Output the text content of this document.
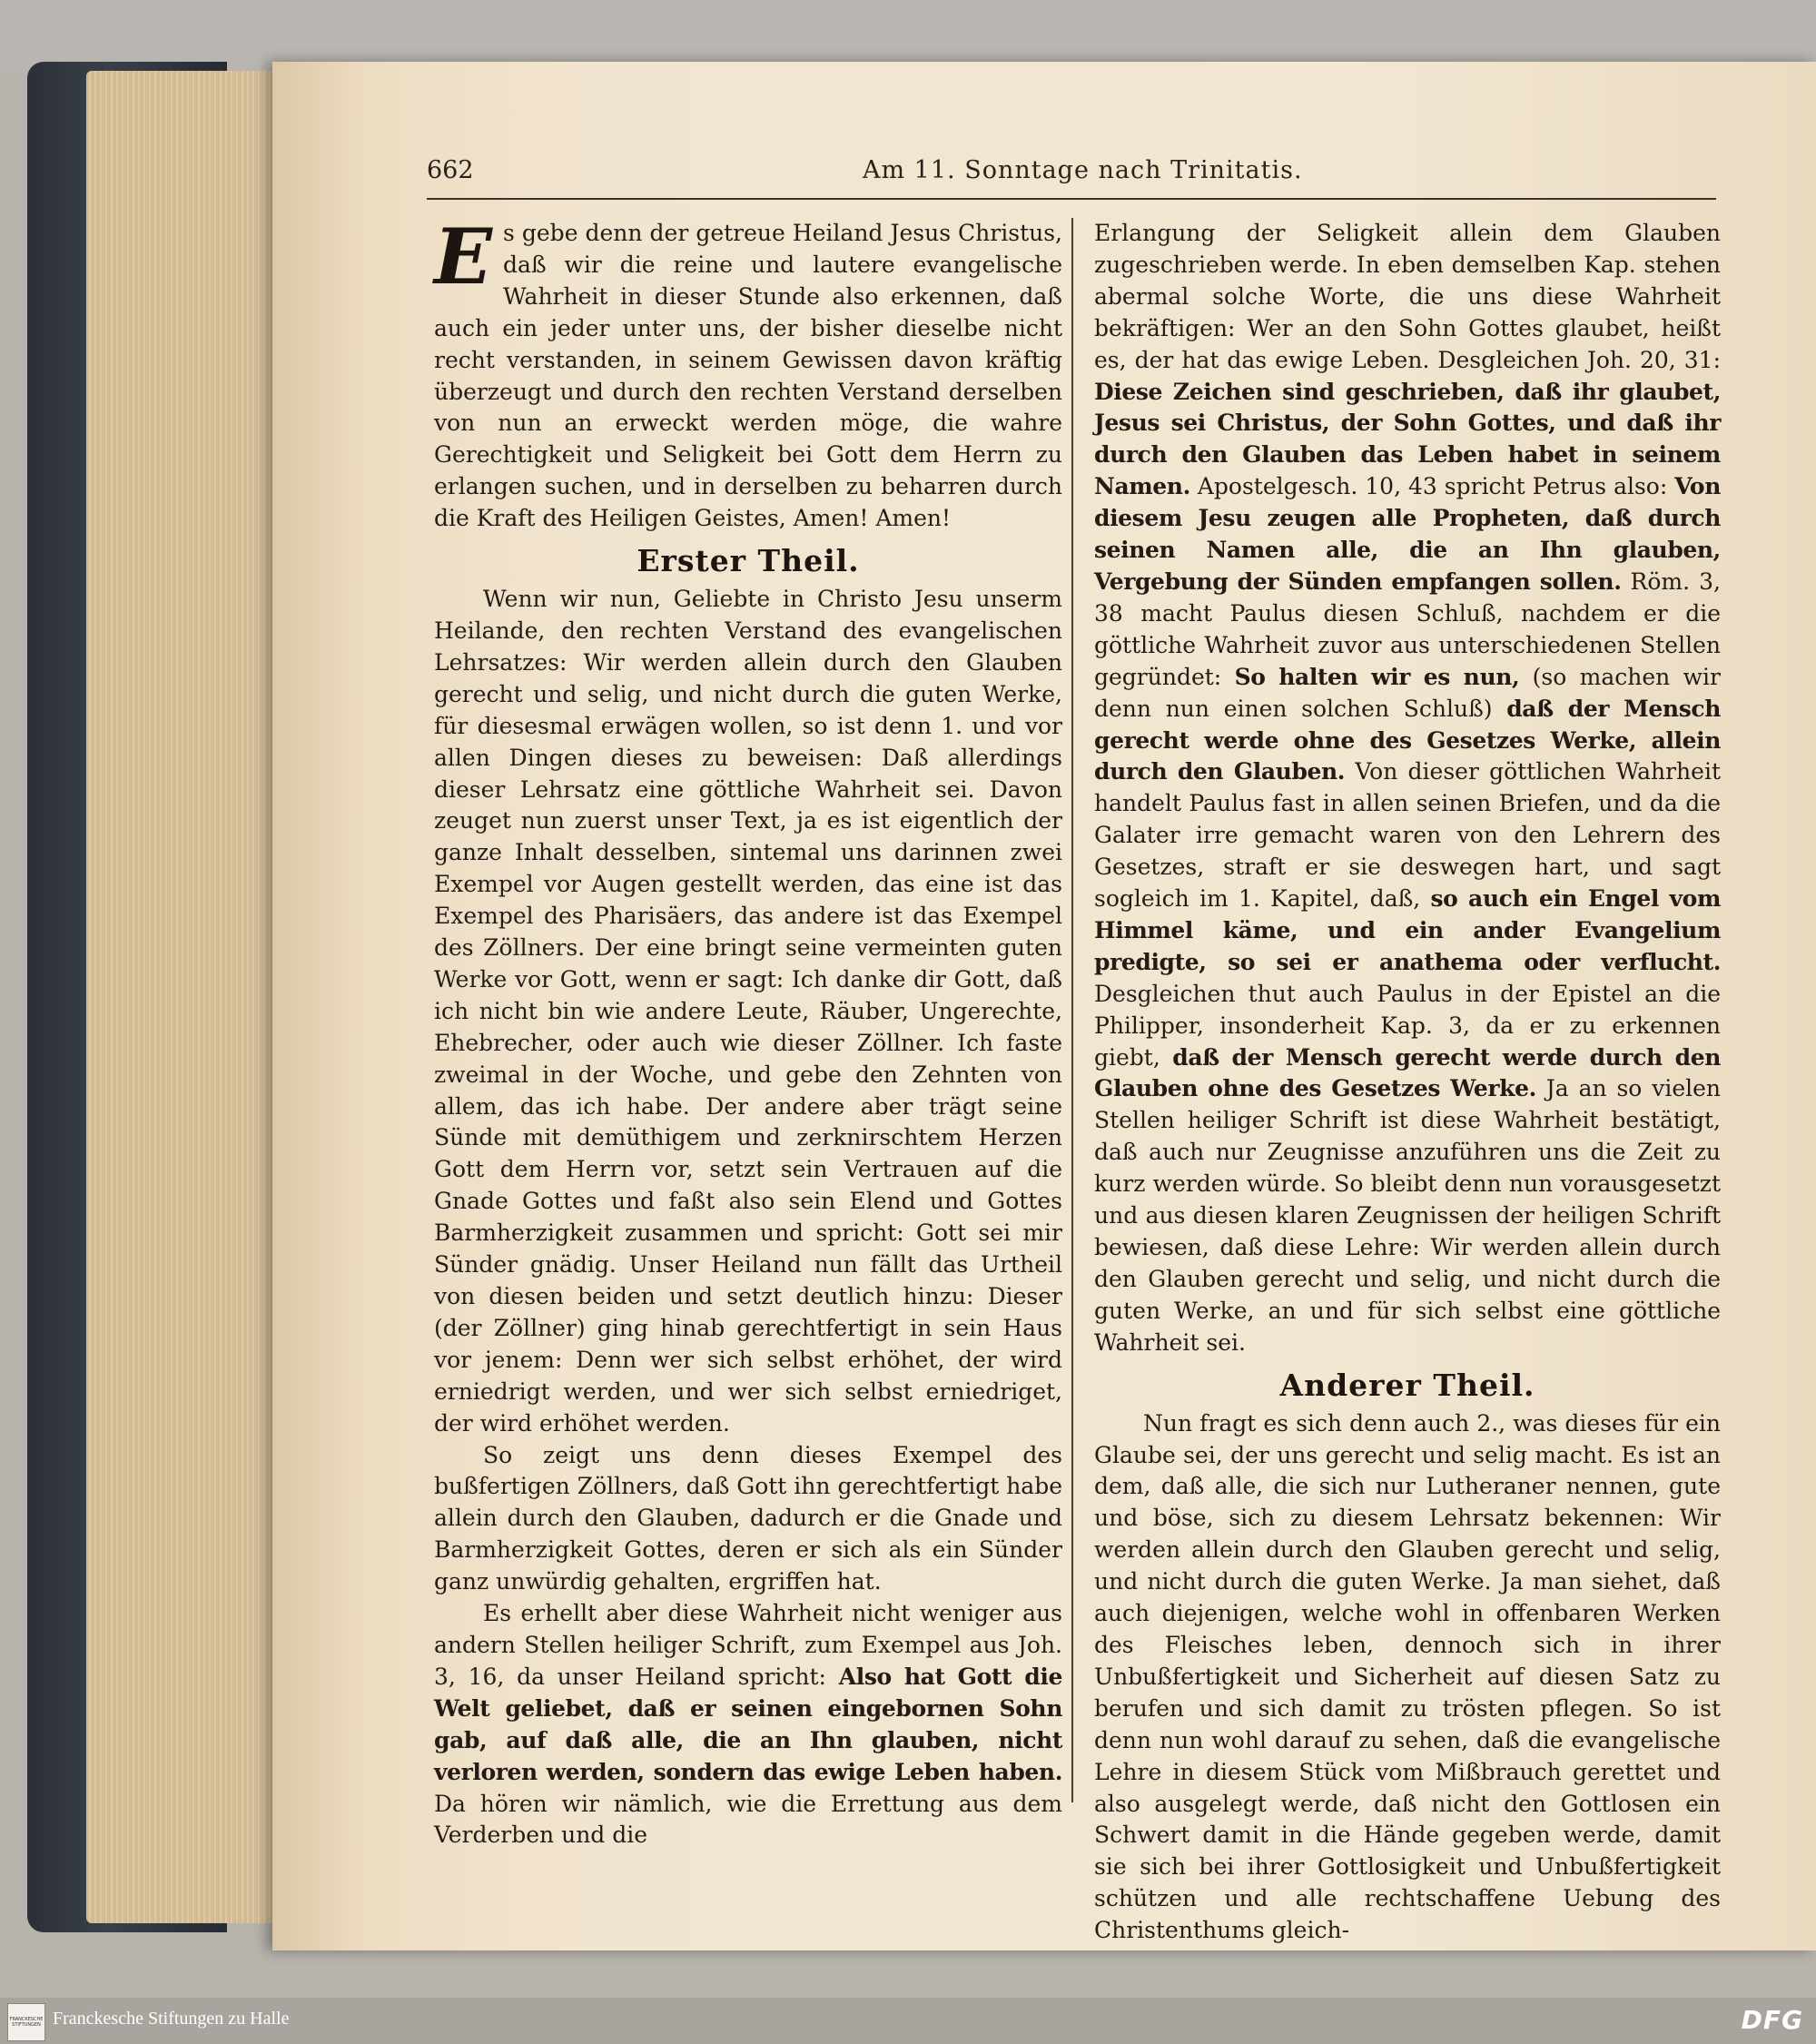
662	Am 11. Sonntage nach Trinitatis.

Es gebe denn der getreue Heiland Jesus Christus, daß wir die reine und lautere evangelische Wahrheit in dieser Stunde also erkennen, daß auch ein jeder unter uns, der bisher dieselbe nicht recht verstanden, in seinem Gewissen davon kräftig überzeugt und durch den rechten Verstand derselben von nun an erweckt werden möge, die wahre Gerechtigkeit und Seligkeit bei Gott dem Herrn zu erlangen suchen, und in derselben zu beharren durch die Kraft des Heiligen Geistes, Amen! Amen!

Erster Theil.

Wenn wir nun, Geliebte in Christo Jesu unserm Heilande, den rechten Verstand des evangelischen Lehrsatzes: Wir werden allein durch den Glauben gerecht und selig, und nicht durch die guten Werke, für diesesmal erwägen wollen, so ist denn 1. und vor allen Dingen dieses zu beweisen: Daß allerdings dieser Lehrsatz eine göttliche Wahrheit sei. Davon zeuget nun zuerst unser Text, ja es ist eigentlich der ganze Inhalt desselben, sintemal uns darinnen zwei Exempel vor Augen gestellt werden, das eine ist das Exempel des Pharisäers, das andere ist das Exempel des Zöllners. Der eine bringt seine vermeinten guten Werke vor Gott, wenn er sagt: Ich danke dir Gott, daß ich nicht bin wie andere Leute, Räuber, Ungerechte, Ehebrecher, oder auch wie dieser Zöllner. Ich faste zweimal in der Woche, und gebe den Zehnten von allem, das ich habe. Der andere aber trägt seine Sünde mit demüthigem und zerknirschtem Herzen Gott dem Herrn vor, setzt sein Vertrauen auf die Gnade Gottes und faßt also sein Elend und Gottes Barmherzigkeit zusammen und spricht: Gott sei mir Sünder gnädig. Unser Heiland nun fällt das Urtheil von diesen beiden und setzt deutlich hinzu: Dieser (der Zöllner) ging hinab gerechtfertigt in sein Haus vor jenem: Denn wer sich selbst erhöhet, der wird erniedrigt werden, und wer sich selbst erniedriget, der wird erhöhet werden.

So zeigt uns denn dieses Exempel des bußfertigen Zöllners, daß Gott ihn gerechtfertigt habe allein durch den Glauben, dadurch er die Gnade und Barmherzigkeit Gottes, deren er sich als ein Sünder ganz unwürdig gehalten, ergriffen hat.

Es erhellt aber diese Wahrheit nicht weniger aus andern Stellen heiliger Schrift, zum Exempel aus Joh. 3, 16, da unser Heiland spricht: Also hat Gott die Welt geliebet, daß er seinen eingebornen Sohn gab, auf daß alle, die an Ihn glauben, nicht verloren werden, sondern das ewige Leben haben. Da hören wir nämlich, wie die Errettung aus dem Verderben und die

Erlangung der Seligkeit allein dem Glauben zugeschrieben werde. In eben demselben Kap. stehen abermal solche Worte, die uns diese Wahrheit bekräftigen: Wer an den Sohn Gottes glaubet, heißt es, der hat das ewige Leben. Desgleichen Joh. 20, 31: Diese Zeichen sind geschrieben, daß ihr glaubet, Jesus sei Christus, der Sohn Gottes, und daß ihr durch den Glauben das Leben habet in seinem Namen. Apostelgesch. 10, 43 spricht Petrus also: Von diesem Jesu zeugen alle Propheten, daß durch seinen Namen alle, die an Ihn glauben, Vergebung der Sünden empfangen sollen. Röm. 3, 38 macht Paulus diesen Schluß, nachdem er die göttliche Wahrheit zuvor aus unterschiedenen Stellen gegründet: So halten wir es nun, (so machen wir denn nun einen solchen Schluß) daß der Mensch gerecht werde ohne des Gesetzes Werke, allein durch den Glauben. Von dieser göttlichen Wahrheit handelt Paulus fast in allen seinen Briefen, und da die Galater irre gemacht waren von den Lehrern des Gesetzes, straft er sie deswegen hart, und sagt sogleich im 1. Kapitel, daß, so auch ein Engel vom Himmel käme, und ein ander Evangelium predigte, so sei er anathema oder verflucht. Desgleichen thut auch Paulus in der Epistel an die Philipper, insonderheit Kap. 3, da er zu erkennen giebt, daß der Mensch gerecht werde durch den Glauben ohne des Gesetzes Werke. Ja an so vielen Stellen heiliger Schrift ist diese Wahrheit bestätigt, daß auch nur Zeugnisse anzuführen uns die Zeit zu kurz werden würde. So bleibt denn nun vorausgesetzt und aus diesen klaren Zeugnissen der heiligen Schrift bewiesen, daß diese Lehre: Wir werden allein durch den Glauben gerecht und selig, und nicht durch die guten Werke, an und für sich selbst eine göttliche Wahrheit sei.

Anderer Theil.

Nun fragt es sich denn auch 2., was dieses für ein Glaube sei, der uns gerecht und selig macht. Es ist an dem, daß alle, die sich nur Lutheraner nennen, gute und böse, sich zu diesem Lehrsatz bekennen: Wir werden allein durch den Glauben gerecht und selig, und nicht durch die guten Werke. Ja man siehet, daß auch diejenigen, welche wohl in offenbaren Werken des Fleisches leben, dennoch sich in ihrer Unbußfertigkeit und Sicherheit auf diesen Satz zu berufen und sich damit zu trösten pflegen. So ist denn nun wohl darauf zu sehen, daß die evangelische Lehre in diesem Stück vom Mißbrauch gerettet und also ausgelegt werde, daß nicht den Gottlosen ein Schwert damit in die Hände gegeben werde, damit sie sich bei ihrer Gottlosigkeit und Unbußfertigkeit schützen und alle rechtschaffene Uebung des Christenthums gleich-

FRANCKESCHE STIFTUNGEN Franckesche Stiftungen zu Halle	DFG
